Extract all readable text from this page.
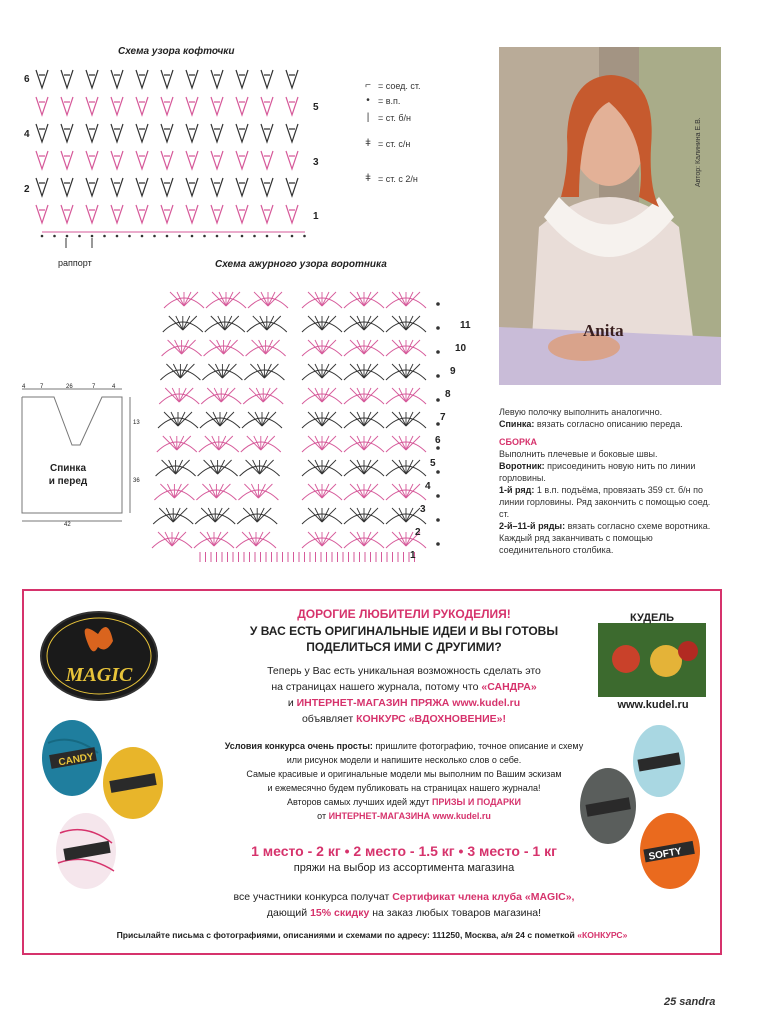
Схема узора кофточки
6
4
2
5
3
1
раппорт
⌐ = соед. ст.
• = в.п.
| = ст. б/н
ǂ = ст. с/н
ǂ = ст. с 2/н
Схема ажурного узора воротника
11
10
9
8
7
6
5
4
3
2
1
4 7	26	7	4
13
36
42
Спинка
и перед
Anita
Автор: Калинина Е.В.
Левую полочку выполнить аналогично.
Спинка: вязать согласно описанию переда.
СБОРКА
Выполнить плечевые и боковые швы.
Воротник: присоединить новую нить по линии горловины.
1-й ряд: 1 в.п. подъёма, провязать 359 ст. б/н по линии горловины. Ряд закончить с помощью соед. ст.
2-й–11-й ряды: вязать согласно схеме воротника. Каждый ряд заканчивать с помощью соединительного столбика.
MAGIC
CANDY
КУДЕЛЬ
www.kudel.ru
SOFTY
ДОРОГИЕ ЛЮБИТЕЛИ РУКОДЕЛИЯ!
У ВАС ЕСТЬ ОРИГИНАЛЬНЫЕ ИДЕИ И ВЫ ГОТОВЫ
ПОДЕЛИТЬСЯ ИМИ С ДРУГИМИ?
Теперь у Вас есть уникальная возможность сделать это
на страницах нашего журнала, потому что «САНДРА»
и ИНТЕРНЕТ-МАГАЗИН ПРЯЖА www.kudel.ru
объявляет КОНКУРС «ВДОХНОВЕНИЕ»!
Условия конкурса очень просты: пришлите фотографию, точное описание и схему
или рисунок модели и напишите несколько слов о себе.
Самые красивые и оригинальные модели мы выполним по Вашим эскизам
и ежемесячно будем публиковать на страницах нашего журнала!
Авторов самых лучших идей ждут ПРИЗЫ И ПОДАРКИ
от ИНТЕРНЕТ-МАГАЗИНА www.kudel.ru
1 место - 2 кг • 2 место - 1.5 кг • 3 место - 1 кг
пряжи на выбор из ассортимента магазина
все участники конкурса получат Сертификат члена клуба «MAGIC»,
дающий 15% скидку на заказ любых товаров магазина!
Присылайте письма с фотографиями, описаниями и схемами по адресу: 111250, Москва, а/я 24 с пометкой «КОНКУРС»
25 sandra
